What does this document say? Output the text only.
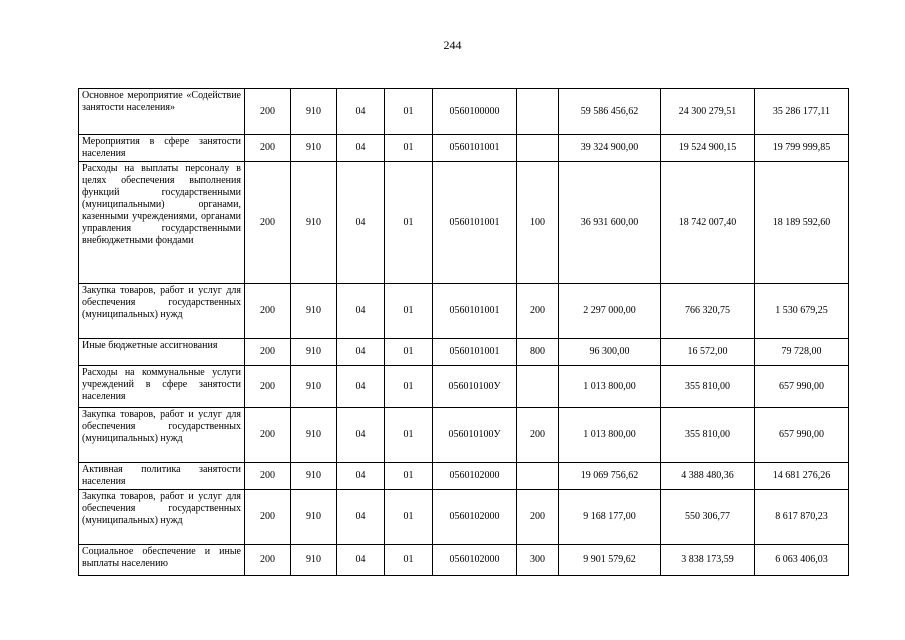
244
Основное мероприятие «Содействие занятости населения»	200	910	04	01	0560100000		59 586 456,62	24 300 279,51	35 286 177,11
Мероприятия в сфере занятости населения	200	910	04	01	0560101001		39 324 900,00	19 524 900,15	19 799 999,85
Расходы на выплаты персоналу в целях обеспечения выполнения функций государственными (муниципальными) органами, казенными учреждениями, органами управления государственными внебюджетными фондами	200	910	04	01	0560101001	100	36 931 600,00	18 742 007,40	18 189 592,60
Закупка товаров, работ и услуг для обеспечения государственных (муниципальных) нужд	200	910	04	01	0560101001	200	2 297 000,00	766 320,75	1 530 679,25
Иные бюджетные ассигнования	200	910	04	01	0560101001	800	96 300,00	16 572,00	79 728,00
Расходы на коммунальные услуги учреждений в сфере занятости населения	200	910	04	01	056010100У		1 013 800,00	355 810,00	657 990,00
Закупка товаров, работ и услуг для обеспечения государственных (муниципальных) нужд	200	910	04	01	056010100У	200	1 013 800,00	355 810,00	657 990,00
Активная политика занятости населения	200	910	04	01	0560102000		19 069 756,62	4 388 480,36	14 681 276,26
Закупка товаров, работ и услуг для обеспечения государственных (муниципальных) нужд	200	910	04	01	0560102000	200	9 168 177,00	550 306,77	8 617 870,23
Социальное обеспечение и иные выплаты населению	200	910	04	01	0560102000	300	9 901 579,62	3 838 173,59	6 063 406,03
